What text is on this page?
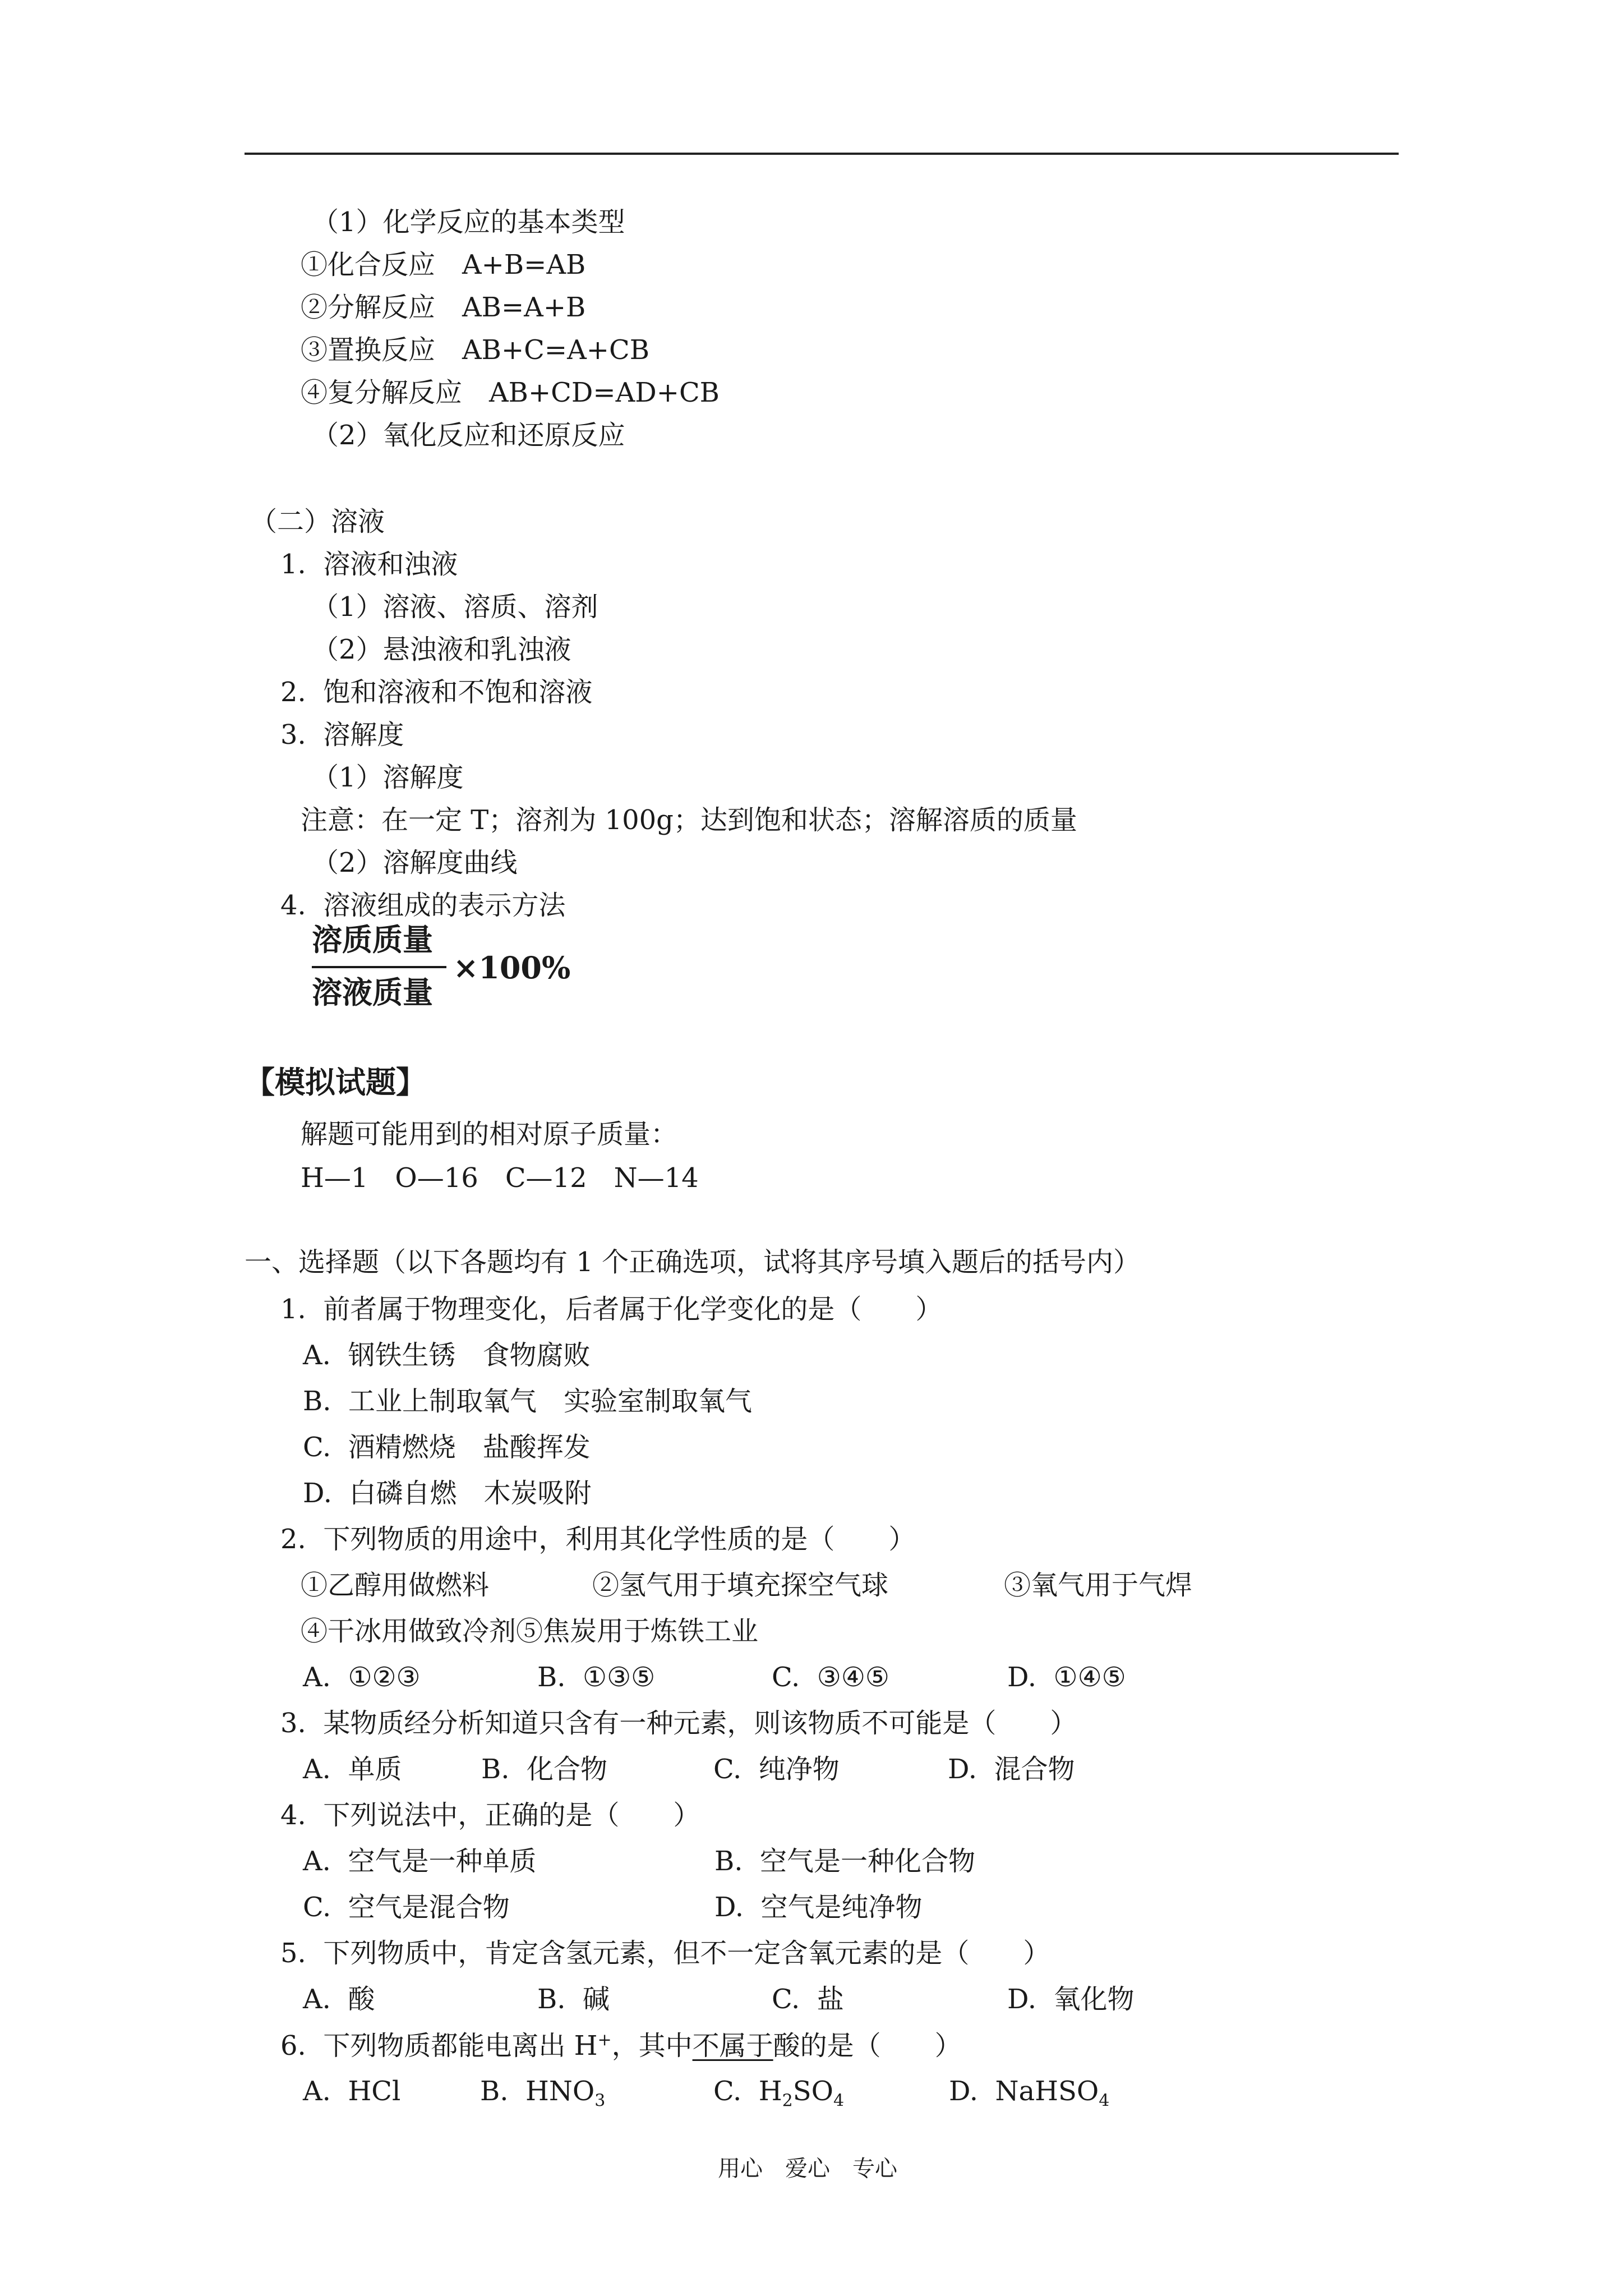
（1）化学反应的基本类型
①化合反应　A+B=AB
②分解反应　AB=A+B
③置换反应　AB+C=A+CB
④复分解反应　AB+CD=AD+CB
（2）氧化反应和还原反应
（二）溶液
1.  溶液和浊液
（1）溶液、溶质、溶剂
（2）悬浊液和乳浊液
2.  饱和溶液和不饱和溶液
3.  溶解度
（1）溶解度
注意：在一定 T；溶剂为 100g；达到饱和状态；溶解溶质的质量
（2）溶解度曲线
4.  溶液组成的表示方法
溶质质量
溶液质量
×100%
【模拟试题】
解题可能用到的相对原子质量：
H—1　O—16　C—12　N—14
一、选择题（以下各题均有 1 个正确选项，试将其序号填入题后的括号内）
1.  前者属于物理变化，后者属于化学变化的是（　　）
A.  钢铁生锈　食物腐败
B.  工业上制取氧气　实验室制取氧气
C.  酒精燃烧　盐酸挥发
D.  白磷自燃　木炭吸附
2.  下列物质的用途中，利用其化学性质的是（　　）
①乙醇用做燃料	②氢气用于填充探空气球	③氧气用于气焊
④干冰用做致冷剂⑤焦炭用于炼铁工业
A.  ①②③	B.  ①③⑤	C.  ③④⑤	D.  ①④⑤
3.  某物质经分析知道只含有一种元素，则该物质不可能是（　　）
A.  单质	B.  化合物	C.  纯净物	D.  混合物
4.  下列说法中，正确的是（　　）
A.  空气是一种单质	B.  空气是一种化合物
C.  空气是混合物	D.  空气是纯净物
5.  下列物质中，肯定含氢元素，但不一定含氧元素的是（　　）
A.  酸	B.  碱	C.  盐	D.  氧化物
6.  下列物质都能电离出 H+，其中不属于酸的是（　　）
A.  HCl	B.  $HNO_3$	C.  $H_2SO_4$	D.  NaHSO$_4$
用心　爱心　专心
